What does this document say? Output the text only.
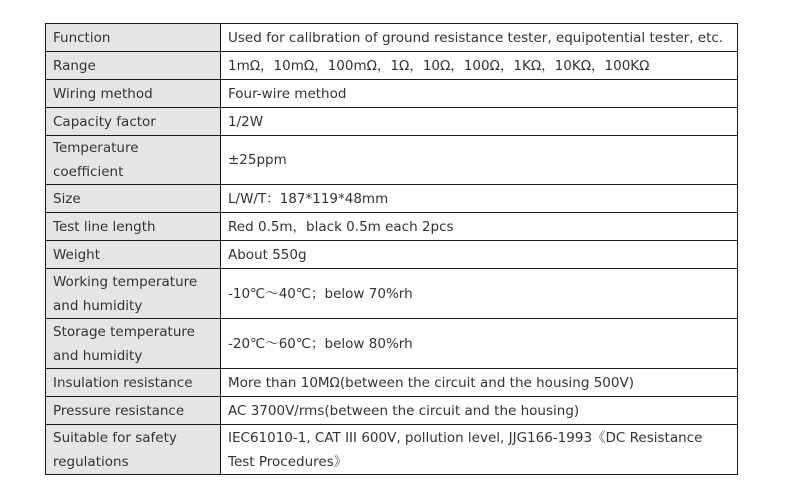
Function	Used for calibration of ground resistance tester, equipotential tester, etc.
Range	1mΩ，10mΩ，100mΩ，1Ω，10Ω，100Ω，1KΩ，10KΩ，100KΩ
Wiring method	Four-wire method
Capacity factor	1/2W
Temperature coefficient	±25ppm
Size	L/W/T：187*119*48mm
Test line length	Red 0.5m，black 0.5m each 2pcs
Weight	About 550g
Working temperature and humidity	-10℃～40℃；below 70%rh
Storage temperature and humidity	-20℃～60℃；below 80%rh
Insulation resistance	More than 10MΩ(between the circuit and the housing 500V)
Pressure resistance	AC 3700V/rms(between the circuit and the housing)
Suitable for safety regulations	IEC61010-1, CAT III 600V, pollution level, JJG166-1993《DC Resistance Test Procedures》
